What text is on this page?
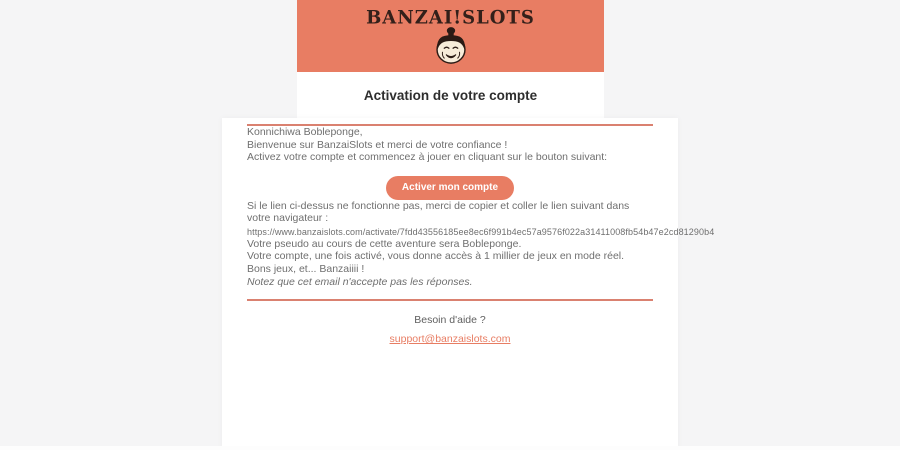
BANZAI!SLOTS
Activation de votre compte

Konnichiwa Bobleponge,

Bienvenue sur BanzaiSlots et merci de votre confiance !

Activez votre compte et commencez à jouer en cliquant sur le bouton suivant:

Activer mon compte

Si le lien ci-dessus ne fonctionne pas, merci de copier et coller le lien suivant dans votre navigateur :
https://www.banzaislots.com/activate/7fdd43556185ee8ec6f991b4ec57a9576f022a31411008fb54b47e2cd81290b4

Votre pseudo au cours de cette aventure sera Bobleponge.

Votre compte, une fois activé, vous donne accès à 1 millier de jeux en mode réel.

Bons jeux, et... Banzaiiii !

Notez que cet email n'accepte pas les réponses.

Besoin d'aide ?
support@banzaislots.com
